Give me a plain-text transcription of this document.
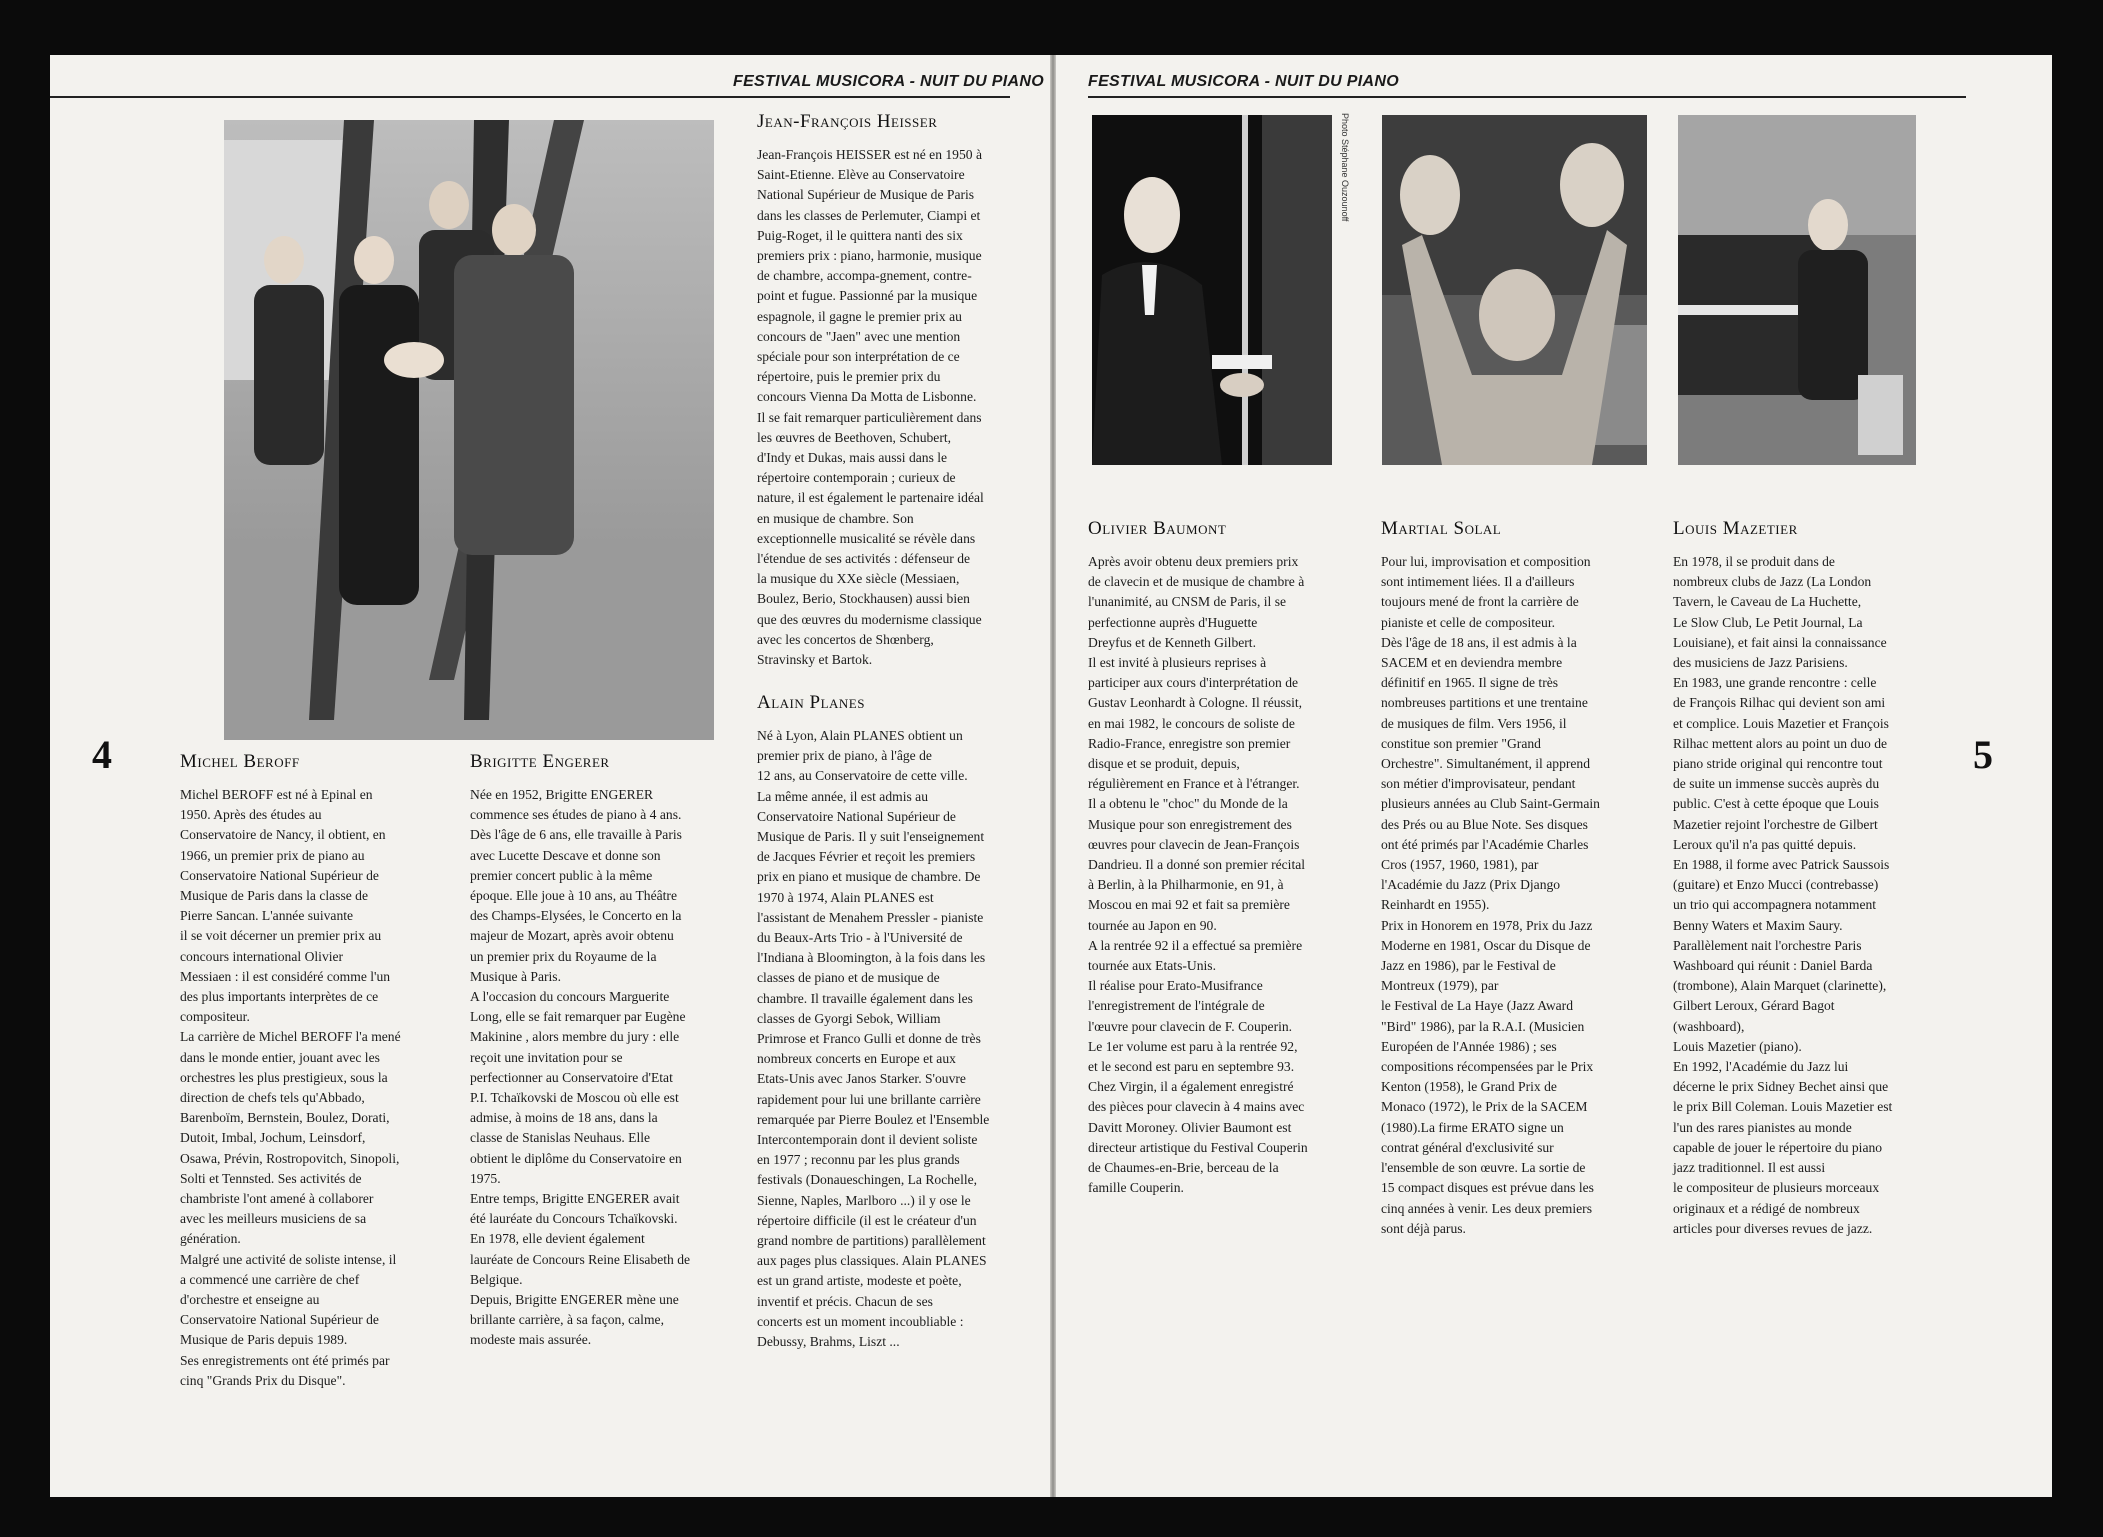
FESTIVAL MUSICORA - NUIT DU PIANO
4
Jean-François Heisser
Jean-François HEISSER est né en 1950 à
Saint-Etienne. Elève au Conservatoire
National Supérieur de Musique de Paris
dans les classes de Perlemuter, Ciampi et
Puig-Roget, il le quittera nanti des six
premiers prix : piano, harmonie, musique
de chambre, accompa-gnement, contre-
point et fugue. Passionné par la musique
espagnole, il gagne le premier prix au
concours de "Jaen" avec une mention
spéciale pour son interprétation de ce
répertoire, puis le premier prix du
concours Vienna Da Motta de Lisbonne.
Il se fait remarquer particulièrement dans
les œuvres de Beethoven, Schubert,
d'Indy et Dukas, mais aussi dans le
répertoire contemporain ; curieux de
nature, il est également le partenaire idéal
en musique de chambre. Son
exceptionnelle musicalité se révèle dans
l'étendue de ses activités : défenseur de
la musique du XXe siècle (Messiaen,
Boulez, Berio, Stockhausen) aussi bien
que des œuvres du modernisme classique
avec les concertos de Shœnberg,
Stravinsky et Bartok.
Alain Planes
Né à Lyon, Alain PLANES obtient un
premier prix de piano, à l'âge de
12 ans, au Conservatoire de cette ville.
La même année, il est admis au
Conservatoire National Supérieur de
Musique de Paris. Il y suit l'enseignement
de Jacques Février et reçoit les premiers
prix en piano et musique de chambre. De
1970 à 1974, Alain PLANES est
l'assistant de Menahem Pressler - pianiste
du Beaux-Arts Trio - à l'Université de
l'Indiana à Bloomington, à la fois dans les
classes de piano et de musique de
chambre. Il travaille également dans les
classes de Gyorgi Sebok, William
Primrose et Franco Gulli et donne de très
nombreux concerts en Europe et aux
Etats-Unis avec Janos Starker. S'ouvre
rapidement pour lui une brillante carrière
remarquée par Pierre Boulez et l'Ensemble
Intercontemporain dont il devient soliste
en 1977 ; reconnu par les plus grands
festivals (Donaueschingen, La Rochelle,
Sienne, Naples, Marlboro ...) il y ose le
répertoire difficile (il est le créateur d'un
grand nombre de partitions) parallèlement
aux pages plus classiques. Alain PLANES
est un grand artiste, modeste et poète,
inventif et précis. Chacun de ses
concerts est un moment incoubliable :
Debussy, Brahms, Liszt ...
Michel Beroff
Michel BEROFF est né à Epinal en
1950. Après des études au
Conservatoire de Nancy, il obtient, en
1966, un premier prix de piano au
Conservatoire National Supérieur de
Musique de Paris dans la classe de
Pierre Sancan. L'année suivante
il se voit décerner un premier prix au
concours international Olivier
Messiaen : il est considéré comme l'un
des plus importants interprètes de ce
compositeur.
La carrière de Michel BEROFF l'a mené
dans le monde entier, jouant avec les
orchestres les plus prestigieux, sous la
direction de chefs tels qu'Abbado,
Barenboïm, Bernstein, Boulez, Dorati,
Dutoit, Imbal, Jochum, Leinsdorf,
Osawa, Prévin, Rostropovitch, Sinopoli,
Solti et Tennsted. Ses activités de
chambriste l'ont amené à collaborer
avec les meilleurs musiciens de sa
génération.
Malgré une activité de soliste intense, il
a commencé une carrière de chef
d'orchestre et enseigne au
Conservatoire National Supérieur de
Musique de Paris depuis 1989.
Ses enregistrements ont été primés par
cinq "Grands Prix du Disque".
Brigitte Engerer
Née en 1952, Brigitte ENGERER
commence ses études de piano à 4 ans.
Dès l'âge de 6 ans, elle travaille à Paris
avec Lucette Descave et donne son
premier concert public à la même
époque. Elle joue à 10 ans, au Théâtre
des Champs-Elysées, le Concerto en la
majeur de Mozart, après avoir obtenu
un premier prix du Royaume de la
Musique à Paris.
A l'occasion du concours Marguerite
Long, elle se fait remarquer par Eugène
Makinine , alors membre du jury : elle
reçoit une invitation pour se
perfectionner au Conservatoire d'Etat
P.I. Tchaïkovski de Moscou où elle est
admise, à moins de 18 ans, dans la
classe de Stanislas Neuhaus. Elle
obtient le diplôme du Conservatoire en
1975.
Entre temps, Brigitte ENGERER avait
été lauréate du Concours Tchaïkovski.
En 1978, elle devient également
lauréate de Concours Reine Elisabeth de
Belgique.
Depuis, Brigitte ENGERER mène une
brillante carrière, à sa façon, calme,
modeste mais assurée.
FESTIVAL MUSICORA - NUIT DU PIANO
Photo Stéphane Ouzounoff
5
Olivier Baumont
Après avoir obtenu deux premiers prix
de clavecin et de musique de chambre à
l'unanimité, au CNSM de Paris, il se
perfectionne auprès d'Huguette
Dreyfus et de Kenneth Gilbert.
Il est invité à plusieurs reprises à
participer aux cours d'interprétation de
Gustav Leonhardt à Cologne. Il réussit,
en mai 1982, le concours de soliste de
Radio-France, enregistre son premier
disque et se produit, depuis,
régulièrement en France et à l'étranger.
Il a obtenu le "choc" du Monde de la
Musique pour son enregistrement des
œuvres pour clavecin de Jean-François
Dandrieu. Il a donné son premier récital
à Berlin, à la Philharmonie, en 91, à
Moscou en mai 92 et fait sa première
tournée au Japon en 90.
A la rentrée 92 il a effectué sa première
tournée aux Etats-Unis.
Il réalise pour Erato-Musifrance
l'enregistrement de l'intégrale de
l'œuvre pour clavecin de F. Couperin.
Le 1er volume est paru à la rentrée 92,
et le second est paru en septembre 93.
Chez Virgin, il a également enregistré
des pièces pour clavecin à 4 mains avec
Davitt Moroney. Olivier Baumont est
directeur artistique du Festival Couperin
de Chaumes-en-Brie, berceau de la
famille Couperin.
Martial Solal
Pour lui, improvisation et composition
sont intimement liées. Il a d'ailleurs
toujours mené de front la carrière de
pianiste et celle de compositeur.
Dès l'âge de 18 ans, il est admis à la
SACEM et en deviendra membre
définitif en 1965. Il signe de très
nombreuses partitions et une trentaine
de musiques de film. Vers 1956, il
constitue son premier "Grand
Orchestre". Simultanément, il apprend
son métier d'improvisateur, pendant
plusieurs années au Club Saint-Germain
des Prés ou au Blue Note. Ses disques
ont été primés par l'Académie Charles
Cros (1957, 1960, 1981), par
l'Académie du Jazz (Prix Django
Reinhardt en 1955).
Prix in Honorem en 1978, Prix du Jazz
Moderne en 1981, Oscar du Disque de
Jazz en 1986), par le Festival de
Montreux (1979), par
le Festival de La Haye (Jazz Award
"Bird" 1986), par la R.A.I. (Musicien
Européen de l'Année 1986) ; ses
compositions récompensées par le Prix
Kenton (1958), le Grand Prix de
Monaco (1972), le Prix de la SACEM
(1980).La firme ERATO signe un
contrat général d'exclusivité sur
l'ensemble de son œuvre. La sortie de
15 compact disques est prévue dans les
cinq années à venir. Les deux premiers
sont déjà parus.
Louis Mazetier
En 1978, il se produit dans de
nombreux clubs de Jazz (La London
Tavern, le Caveau de La Huchette,
Le Slow Club, Le Petit Journal, La
Louisiane), et fait ainsi la connaissance
des musiciens de Jazz Parisiens.
En 1983, une grande rencontre : celle
de François Rilhac qui devient son ami
et complice. Louis Mazetier et François
Rilhac mettent alors au point un duo de
piano stride original qui rencontre tout
de suite un immense succès auprès du
public. C'est à cette époque que Louis
Mazetier rejoint l'orchestre de Gilbert
Leroux qu'il n'a pas quitté depuis.
En 1988, il forme avec Patrick Saussois
(guitare) et Enzo Mucci (contrebasse)
un trio qui accompagnera notamment
Benny Waters et Maxim Saury.
Parallèlement nait l'orchestre Paris
Washboard qui réunit : Daniel Barda
(trombone), Alain Marquet (clarinette),
Gilbert Leroux, Gérard Bagot
(washboard),
Louis Mazetier (piano).
En 1992, l'Académie du Jazz lui
décerne le prix Sidney Bechet ainsi que
le prix Bill Coleman. Louis Mazetier est
l'un des rares pianistes au monde
capable de jouer le répertoire du piano
jazz traditionnel. Il est aussi
le compositeur de plusieurs morceaux
originaux et a rédigé de nombreux
articles pour diverses revues de jazz.
